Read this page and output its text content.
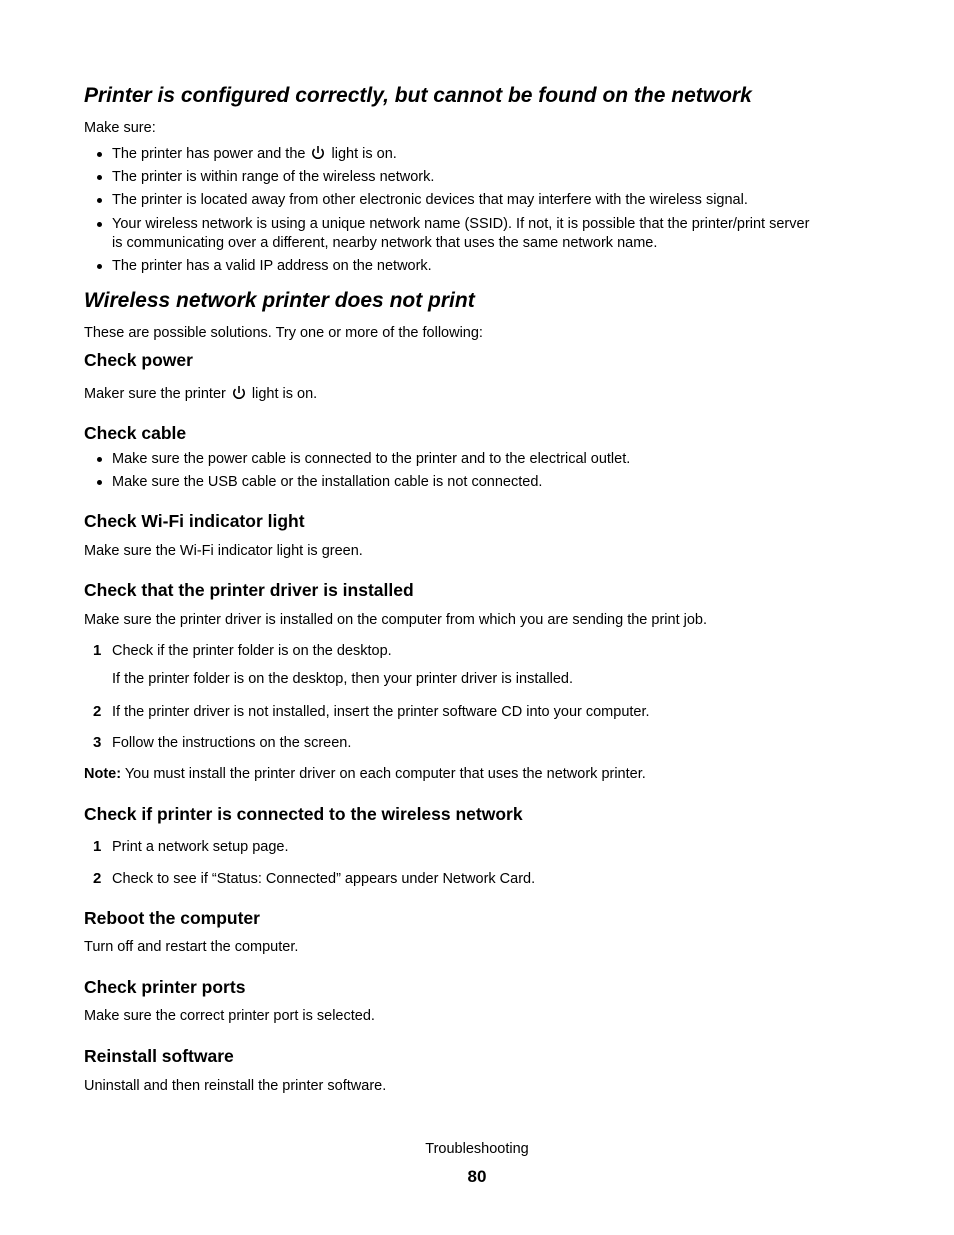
Printer is configured correctly, but cannot be found on the network
Make sure:
The printer has power and the light is on.
The printer is within range of the wireless network.
The printer is located away from other electronic devices that may interfere with the wireless signal.
Your wireless network is using a unique network name (SSID). If not, it is possible that the printer/print server
is communicating over a different, nearby network that uses the same network name.
The printer has a valid IP address on the network.
Wireless network printer does not print
These are possible solutions. Try one or more of the following:
Check power
Maker sure the printer light is on.
Check cable
Make sure the power cable is connected to the printer and to the electrical outlet.
Make sure the USB cable or the installation cable is not connected.
Check Wi-Fi indicator light
Make sure the Wi-Fi indicator light is green.
Check that the printer driver is installed
Make sure the printer driver is installed on the computer from which you are sending the print job.
1 Check if the printer folder is on the desktop.
If the printer folder is on the desktop, then your printer driver is installed.
2 If the printer driver is not installed, insert the printer software CD into your computer.
3 Follow the instructions on the screen.
Note: You must install the printer driver on each computer that uses the network printer.
Check if printer is connected to the wireless network
1 Print a network setup page.
2 Check to see if “Status: Connected” appears under Network Card.
Reboot the computer
Turn off and restart the computer.
Check printer ports
Make sure the correct printer port is selected.
Reinstall software
Uninstall and then reinstall the printer software.
Troubleshooting
80
